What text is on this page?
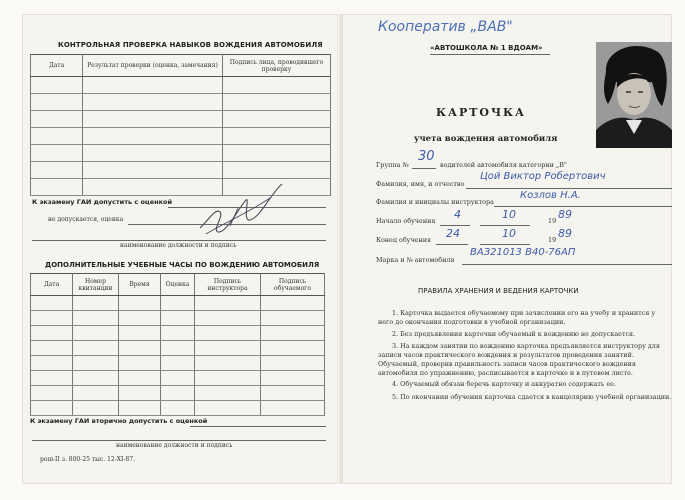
КОНТРОЛЬНАЯ ПРОВЕРКА НАВЫКОВ ВОЖДЕНИЯ АВТОМОБИЛЯ
Дата	Результат проверки (оценка, замечания)	Подпись лица, проводившего проверку

К экзамену ГАИ допустить с оценкой
не допускается, оценка
наименование должности и подпись
ДОПОЛНИТЕЛЬНЫЕ УЧЕБНЫЕ ЧАСЫ ПО ВОЖДЕНИЮ АВТОМОБИЛЯ
Дата	Номер квитанции	Время	Оценка	Подпись инструктора	Подпись обучаемого

К экзамену ГАИ вторично допустить с оценкой
наименование должности и подпись
рош-II з. 800-25 тыс. 12-XI-87.
Кооператив „ВАВ"
«АВТОШКОЛА № 1 ВДОАМ»
КАРТОЧКА
учета вождения автомобиля
Группа №
30
водителей автомобиля категории „В"
Фамилия, имя, и отчество
Цой Виктор Робертович
Фамилия и инициалы инструктора
Козлов Н.А.
Начало обучения 4	10	19 89
Конец обучения 24	10	19 89
Марка и № автомобиля
ВАЗ21013 В40-76АП
ПРАВИЛА ХРАНЕНИЯ И ВЕДЕНИЯ КАРТОЧКИ
1. Карточка выдается обучаемому при зачислении его на учебу и хранится у него до окончания подготовки в учебной организации.
2. Без предъявления карточки обучаемый к вождению не допускается.
3. На каждом занятии по вождению карточка предъявляется инструктору для записи часов практического вождения и результатов проведения занятий. Обучаемый, проверив правильность записи часов практического вождения автомобиля по упражнению, расписывается в карточке и в путевом листе.
4. Обучаемый обязан беречь карточку и аккуратно содержать ее.
5. По окончании обучения карточка сдается в канцелярию учебной организации.
